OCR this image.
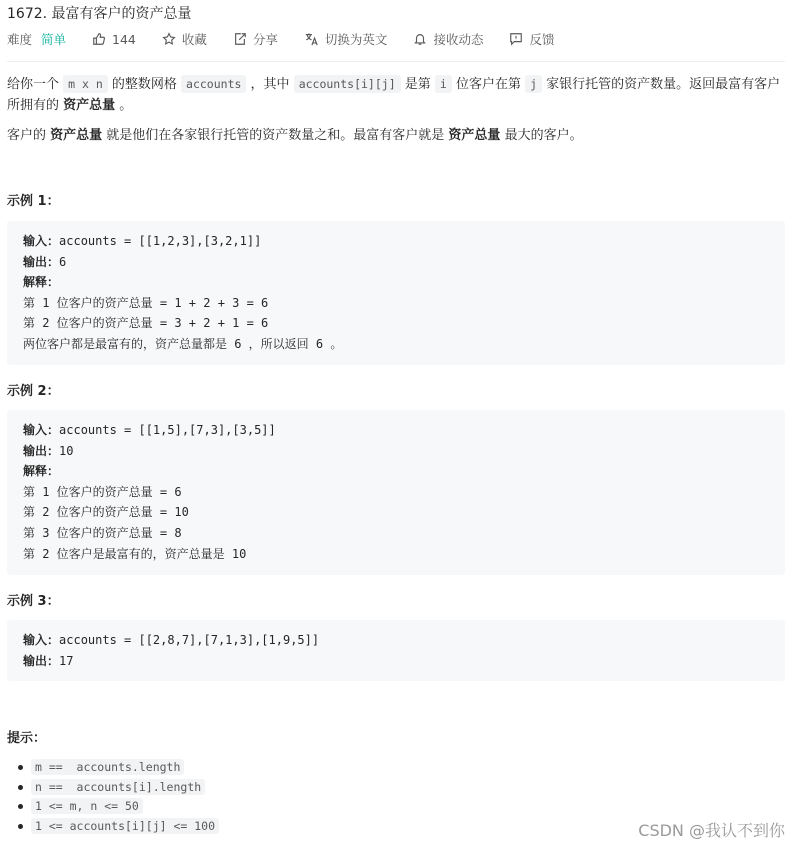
1672. 最富有客户的资产总量
难度 简单	144	收藏	分享	切换为英文	接收动态	反馈
给你一个 m x n 的整数网格 accounts ，其中 accounts[i][j] 是第 i 位客户在第 j 家银行托管的资产数量。返回最富有客户所拥有的 资产总量 。
客户的 资产总量 就是他们在各家银行托管的资产数量之和。最富有客户就是 资产总量 最大的客户。
示例 1：
输入：accounts = [[1,2,3],[3,2,1]]
输出：6
解释：
第 1 位客户的资产总量 = 1 + 2 + 3 = 6
第 2 位客户的资产总量 = 3 + 2 + 1 = 6
两位客户都是最富有的，资产总量都是 6 ，所以返回 6 。
示例 2：
输入：accounts = [[1,5],[7,3],[3,5]]
输出：10
解释：
第 1 位客户的资产总量 = 6
第 2 位客户的资产总量 = 10
第 3 位客户的资产总量 = 8
第 2 位客户是最富有的，资产总量是 10
示例 3：
输入：accounts = [[2,8,7],[7,1,3],[1,9,5]]
输出：17
提示：
m ==  accounts.length
n ==  accounts[i].length
1 <= m, n <= 50
1 <= accounts[i][j] <= 100	CSDN @我认不到你
